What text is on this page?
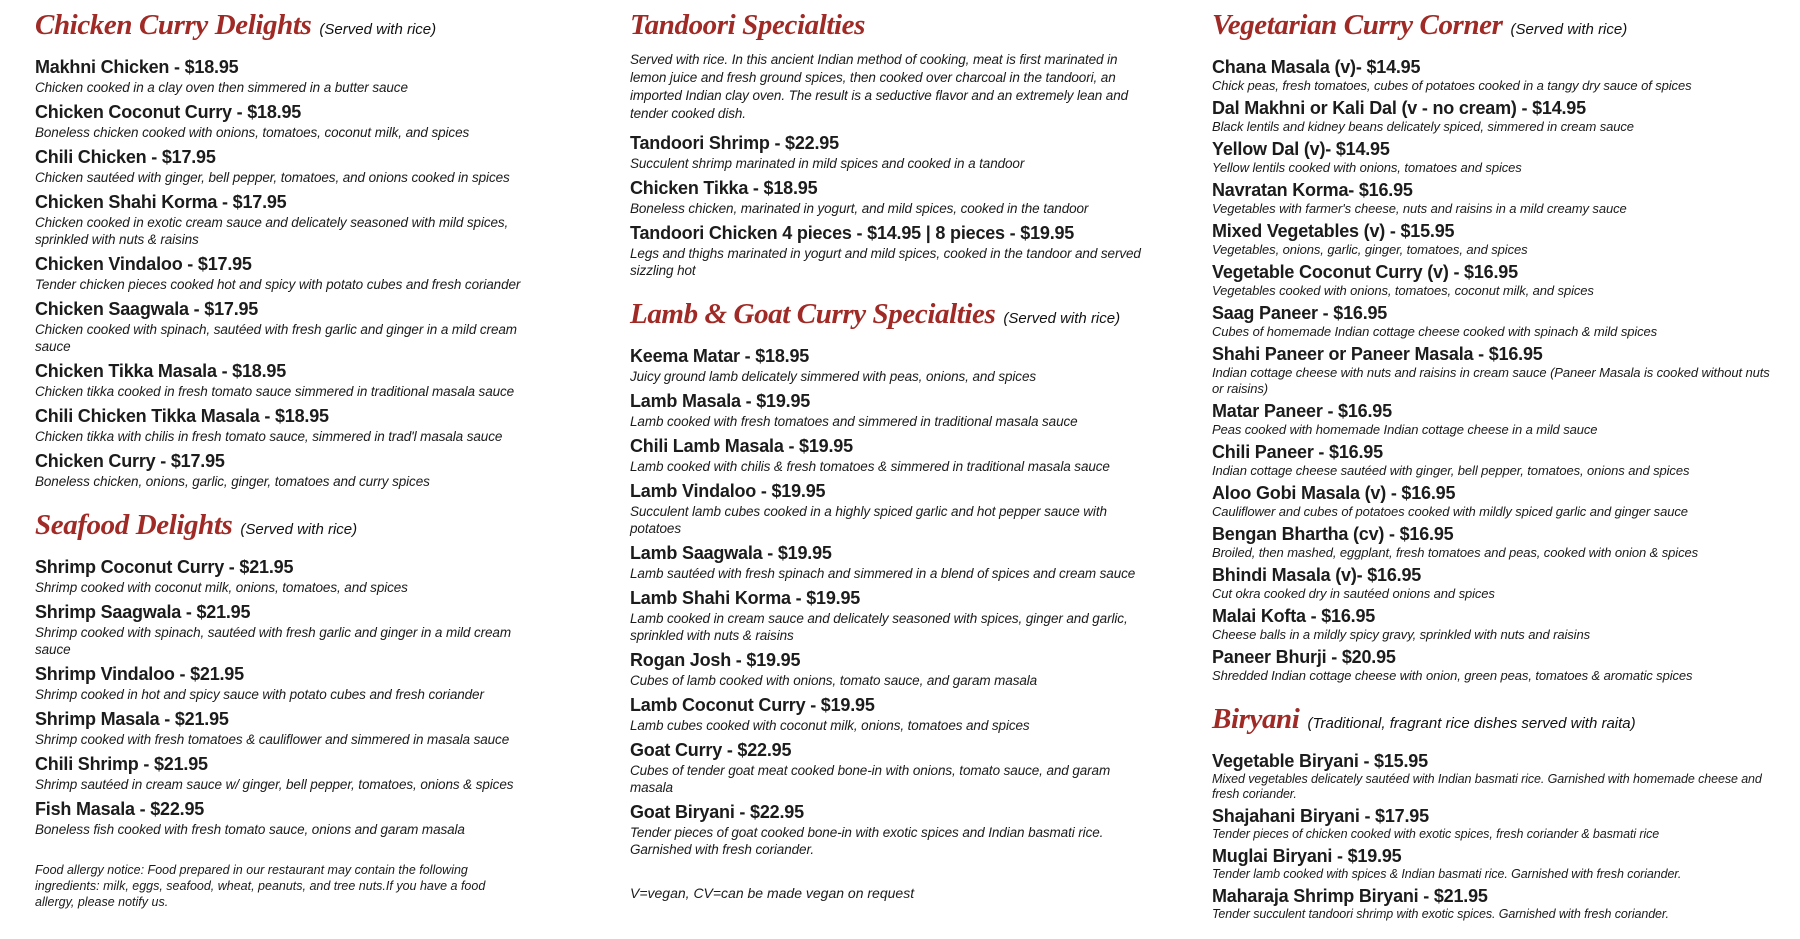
Chicken Curry Delights (Served with rice)
Makhni Chicken - $18.95
Chicken cooked in a clay oven then simmered in a butter sauce
Chicken Coconut Curry - $18.95
Boneless chicken cooked with onions, tomatoes, coconut milk, and spices
Chili Chicken - $17.95
Chicken sautéed with ginger, bell pepper, tomatoes, and onions cooked in spices
Chicken Shahi Korma - $17.95
Chicken cooked in exotic cream sauce and delicately seasoned with mild spices, sprinkled with nuts & raisins
Chicken Vindaloo - $17.95
Tender chicken pieces cooked hot and spicy with potato cubes and fresh coriander
Chicken Saagwala - $17.95
Chicken cooked with spinach, sautéed with fresh garlic and ginger in a mild cream sauce
Chicken Tikka Masala - $18.95
Chicken tikka cooked in fresh tomato sauce simmered in traditional masala sauce
Chili Chicken Tikka Masala - $18.95
Chicken tikka with chilis in fresh tomato sauce, simmered in trad'l masala sauce
Chicken Curry - $17.95
Boneless chicken, onions, garlic, ginger, tomatoes and curry spices
Seafood Delights (Served with rice)
Shrimp Coconut Curry - $21.95
Shrimp cooked with coconut milk, onions, tomatoes, and spices
Shrimp Saagwala - $21.95
Shrimp cooked with spinach, sautéed with fresh garlic and ginger in a mild cream sauce
Shrimp Vindaloo - $21.95
Shrimp cooked in hot and spicy sauce with potato cubes and fresh coriander
Shrimp Masala - $21.95
Shrimp cooked with fresh tomatoes & cauliflower and simmered in masala sauce
Chili Shrimp - $21.95
Shrimp sautéed in cream sauce w/ ginger, bell pepper, tomatoes, onions & spices
Fish Masala - $22.95
Boneless fish cooked with fresh tomato sauce, onions and garam masala

Food allergy notice: Food prepared in our restaurant may contain the following ingredients: milk, eggs, seafood, wheat, peanuts, and tree nuts.If you have a food allergy, please notify us.

Tandoori Specialties

Served with rice. In this ancient Indian method of cooking, meat is first marinated in lemon juice and fresh ground spices, then cooked over charcoal in the tandoori, an imported Indian clay oven. The result is a seductive flavor and an extremely lean and tender cooked dish.

Tandoori Shrimp - $22.95
Succulent shrimp marinated in mild spices and cooked in a tandoor
Chicken Tikka - $18.95
Boneless chicken, marinated in yogurt, and mild spices, cooked in the tandoor
Tandoori Chicken 4 pieces - $14.95 | 8 pieces - $19.95
Legs and thighs marinated in yogurt and mild spices, cooked in the tandoor and served sizzling hot
Lamb & Goat Curry Specialties (Served with rice)
Keema Matar - $18.95
Juicy ground lamb delicately simmered with peas, onions, and spices
Lamb Masala - $19.95
Lamb cooked with fresh tomatoes and simmered in traditional masala sauce
Chili Lamb Masala - $19.95
Lamb cooked with chilis & fresh tomatoes & simmered in traditional masala sauce
Lamb Vindaloo - $19.95
Succulent lamb cubes cooked in a highly spiced garlic and hot pepper sauce with potatoes
Lamb Saagwala - $19.95
Lamb sautéed with fresh spinach and simmered in a blend of spices and cream sauce
Lamb Shahi Korma - $19.95
Lamb cooked in cream sauce and delicately seasoned with spices, ginger and garlic, sprinkled with nuts & raisins
Rogan Josh - $19.95
Cubes of lamb cooked with onions, tomato sauce, and garam masala
Lamb Coconut Curry - $19.95
Lamb cubes cooked with coconut milk, onions, tomatoes and spices
Goat Curry - $22.95
Cubes of tender goat meat cooked bone-in with onions, tomato sauce, and garam masala
Goat Biryani - $22.95
Tender pieces of goat cooked bone-in with exotic spices and Indian basmati rice. Garnished with fresh coriander.

V=vegan, CV=can be made vegan on request

Vegetarian Curry Corner (Served with rice)
Chana Masala (v)- $14.95
Chick peas, fresh tomatoes, cubes of potatoes cooked in a tangy dry sauce of spices
Dal Makhni or Kali Dal (v - no cream) - $14.95
Black lentils and kidney beans delicately spiced, simmered in cream sauce
Yellow Dal (v)- $14.95
Yellow lentils cooked with onions, tomatoes and spices
Navratan Korma- $16.95
Vegetables with farmer's cheese, nuts and raisins in a mild creamy sauce
Mixed Vegetables (v) - $15.95
Vegetables, onions, garlic, ginger, tomatoes, and spices
Vegetable Coconut Curry (v) - $16.95
Vegetables cooked with onions, tomatoes, coconut milk, and spices
Saag Paneer - $16.95
Cubes of homemade Indian cottage cheese cooked with spinach & mild spices
Shahi Paneer or Paneer Masala - $16.95
Indian cottage cheese with nuts and raisins in cream sauce (Paneer Masala is cooked without nuts or raisins)
Matar Paneer - $16.95
Peas cooked with homemade Indian cottage cheese in a mild sauce
Chili Paneer - $16.95
Indian cottage cheese sautéed with ginger, bell pepper, tomatoes, onions and spices
Aloo Gobi Masala (v) - $16.95
Cauliflower and cubes of potatoes cooked with mildly spiced garlic and ginger sauce
Bengan Bhartha (cv) - $16.95
Broiled, then mashed, eggplant, fresh tomatoes and peas, cooked with onion & spices
Bhindi Masala (v)- $16.95
Cut okra cooked dry in sautéed onions and spices
Malai Kofta - $16.95
Cheese balls in a mildly spicy gravy, sprinkled with nuts and raisins
Paneer Bhurji - $20.95
Shredded Indian cottage cheese with onion, green peas, tomatoes & aromatic spices
Biryani (Traditional, fragrant rice dishes served with raita)
Vegetable Biryani - $15.95
Mixed vegetables delicately sautéed with Indian basmati rice. Garnished with homemade cheese and fresh coriander.
Shajahani Biryani - $17.95
Tender pieces of chicken cooked with exotic spices, fresh coriander & basmati rice
Muglai Biryani - $19.95
Tender lamb cooked with spices & Indian basmati rice. Garnished with fresh coriander.
Maharaja Shrimp Biryani - $21.95
Tender succulent tandoori shrimp with exotic spices. Garnished with fresh coriander.
